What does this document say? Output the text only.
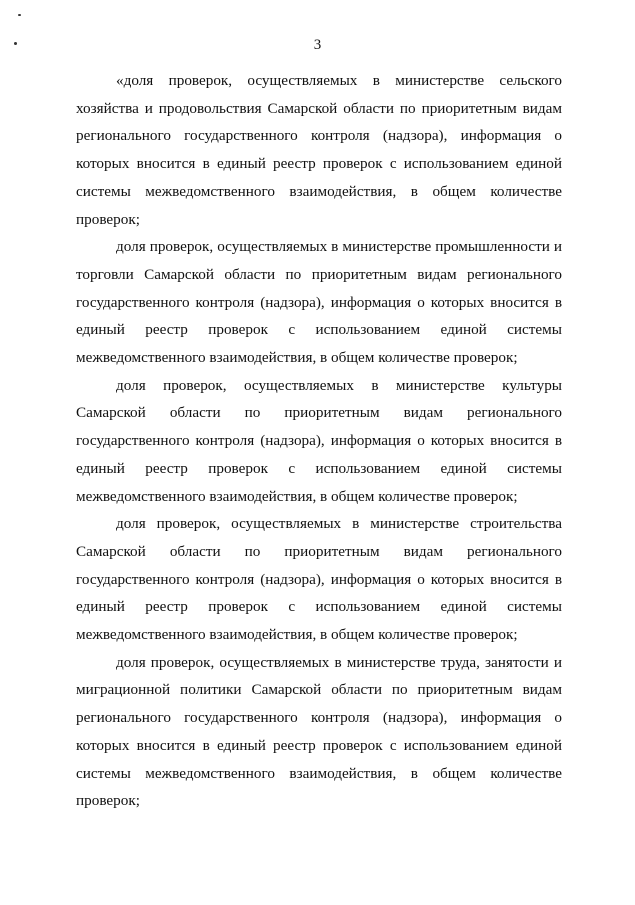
3

«доля проверок, осуществляемых в министерстве сельского
хозяйства и продовольствия Самарской области по приоритетным видам
регионального государственного контроля (надзора), информация о
которых вносится в единый реестр проверок с использованием единой
системы межведомственного взаимодействия, в общем количестве
проверок;

доля проверок, осуществляемых в министерстве промышленности и
торговли Самарской области по приоритетным видам регионального
государственного контроля (надзора), информация о которых вносится в
единый реестр проверок с использованием единой системы
межведомственного взаимодействия, в общем количестве проверок;

доля проверок, осуществляемых в министерстве культуры
Самарской области по приоритетным видам регионального
государственного контроля (надзора), информация о которых вносится в
единый реестр проверок с использованием единой системы
межведомственного взаимодействия, в общем количестве проверок;

доля проверок, осуществляемых в министерстве строительства
Самарской области по приоритетным видам регионального
государственного контроля (надзора), информация о которых вносится в
единый реестр проверок с использованием единой системы
межведомственного взаимодействия, в общем количестве проверок;

доля проверок, осуществляемых в министерстве труда, занятости и
миграционной политики Самарской области по приоритетным видам
регионального государственного контроля (надзора), информация о
которых вносится в единый реестр проверок с использованием единой
системы межведомственного взаимодействия, в общем количестве
проверок;
